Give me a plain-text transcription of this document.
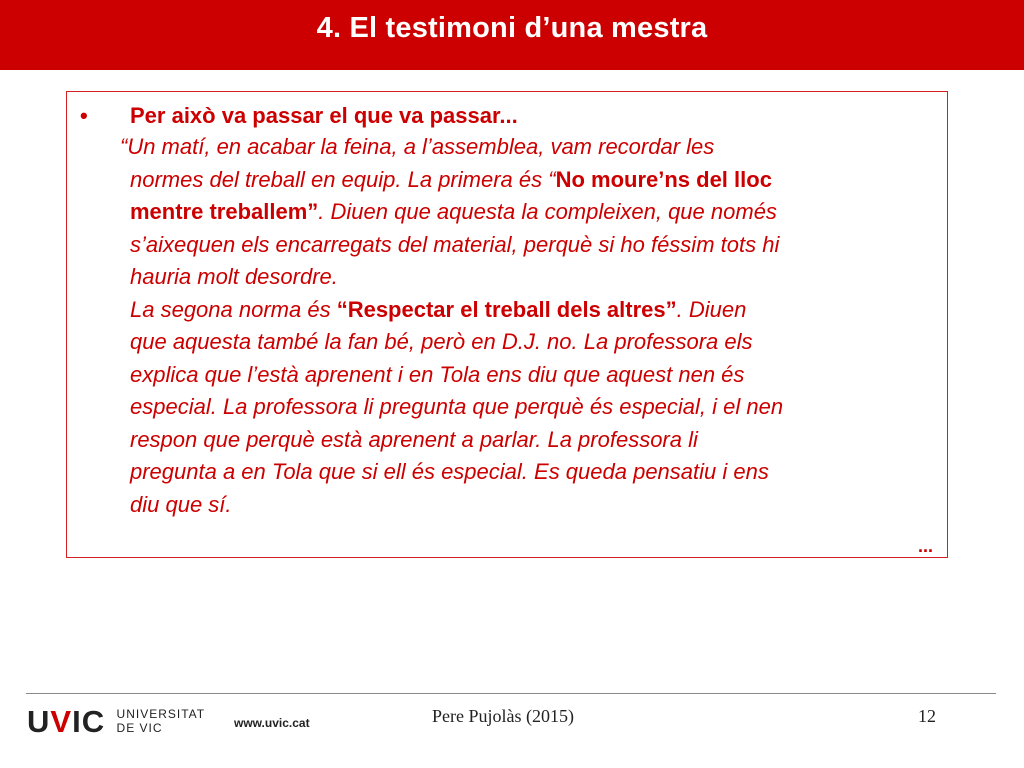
4. El testimoni d’una mestra
• Per això va passar el que va passar...
“Un matí, en acabar la feina, a l’assemblea, vam recordar les
normes del treball en equip. La primera és “No moure’ns del lloc
mentre treballem”. Diuen que aquesta la compleixen, que només
s’aixequen els encarregats del material, perquè si ho féssim tots hi
hauria molt desordre.
La segona norma és “Respectar el treball dels altres”. Diuen
que aquesta també la fan bé, però en D.J. no. La professora els
explica que l’està aprenent i en Tola ens diu que aquest nen és
especial. La professora li pregunta que perquè és especial, i el nen
respon que perquè està aprenent a parlar. La professora li
pregunta a en Tola que si ell és especial. Es queda pensatiu i ens
diu que sí.
...
UVIC UNIVERSITAT
DE VIC	www.uvic.cat	Pere Pujolàs (2015)	12
